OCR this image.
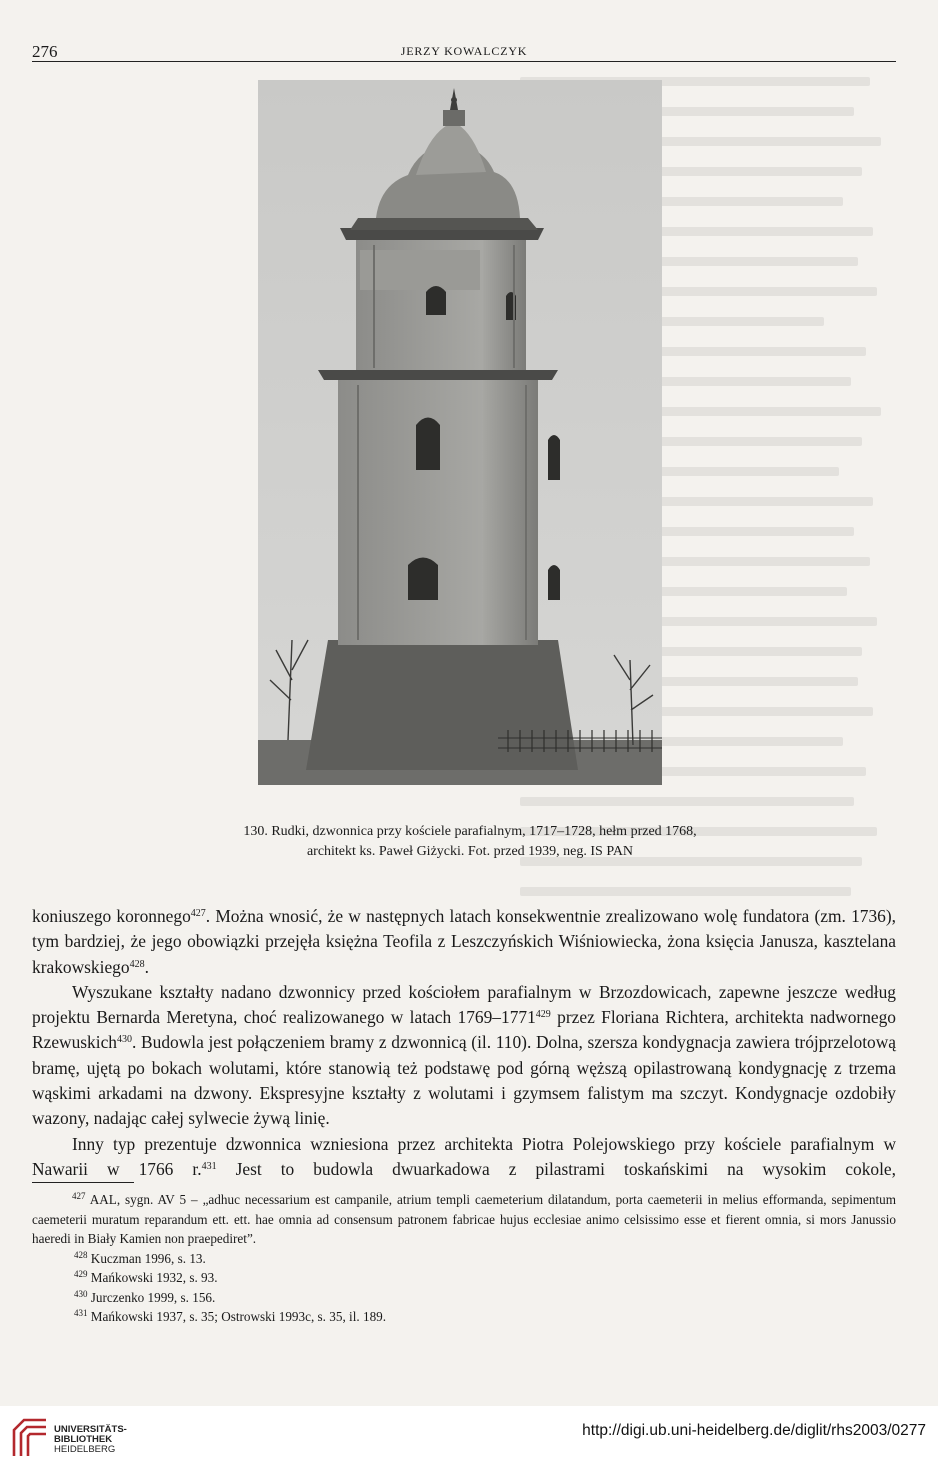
276	JERZY KOWALCZYK
130. Rudki, dzwonnica przy kościele parafialnym, 1717–1728, hełm przed 1768,
architekt ks. Paweł Giżycki. Fot. przed 1939, neg. IS PAN

koniuszego koronnego$^{427}$. Można wnosić, że w następnych latach konsekwentnie zrealizowano wolę fundatora (zm. 1736), tym bardziej, że jego obowiązki przejęła księżna Teofila z Leszczyńskich Wiśniowiecka, żona księcia Janusza, kasztelana krakowskiego$^{428}$.

Wyszukane kształty nadano dzwonnicy przed kościołem parafialnym w Brzozdowicach, zapewne jeszcze według projektu Bernarda Meretyna, choć realizowanego w latach 1769–1771$^{429}$ przez Floriana Richtera, architekta nadwornego Rzewuskich$^{430}$. Budowla jest połączeniem bramy z dzwonnicą (il. 110). Dolna, szersza kondygnacja zawiera trójprzelotową bramę, ujętą po bokach wolutami, które stanowią też podstawę pod górną węższą opilastrowaną kondygnację z trzema wąskimi arkadami na dzwony. Ekspresyjne kształty z wolutami i gzymsem falistym ma szczyt. Kondygnacje ozdobiły wazony, nadając całej sylwecie żywą linię.

Inny typ prezentuje dzwonnica wzniesiona przez architekta Piotra Polejowskiego przy kościele parafialnym w Nawarii w 1766 r.$^{431}$ Jest to budowla dwuarkadowa z pilastrami toskańskimi na wysokim cokole,

$^{427}$ AAL, sygn. AV 5 – „adhuc necessarium est campanile, atrium templi caemeterium dilatandum, porta caemeterii in melius efformanda, sepimentum caemeterii muratum reparandum ett. ett. hae omnia ad consensum patronem fabricae hujus ecclesiae animo celsissimo esse et fierent omnia, si mors Janussio haeredi in Biały Kamien non praepediret”.

$^{428}$ Kuczman 1996, s. 13.

$^{429}$ Mańkowski 1932, s. 93.

$^{430}$ Jurczenko 1999, s. 156.

$^{431}$ Mańkowski 1937, s. 35; Ostrowski 1993c, s. 35, il. 189.

UNIVERSITÄTS-
BIBLIOTHEK
HEIDELBERG
http://digi.ub.uni-heidelberg.de/diglit/rhs2003/0277
